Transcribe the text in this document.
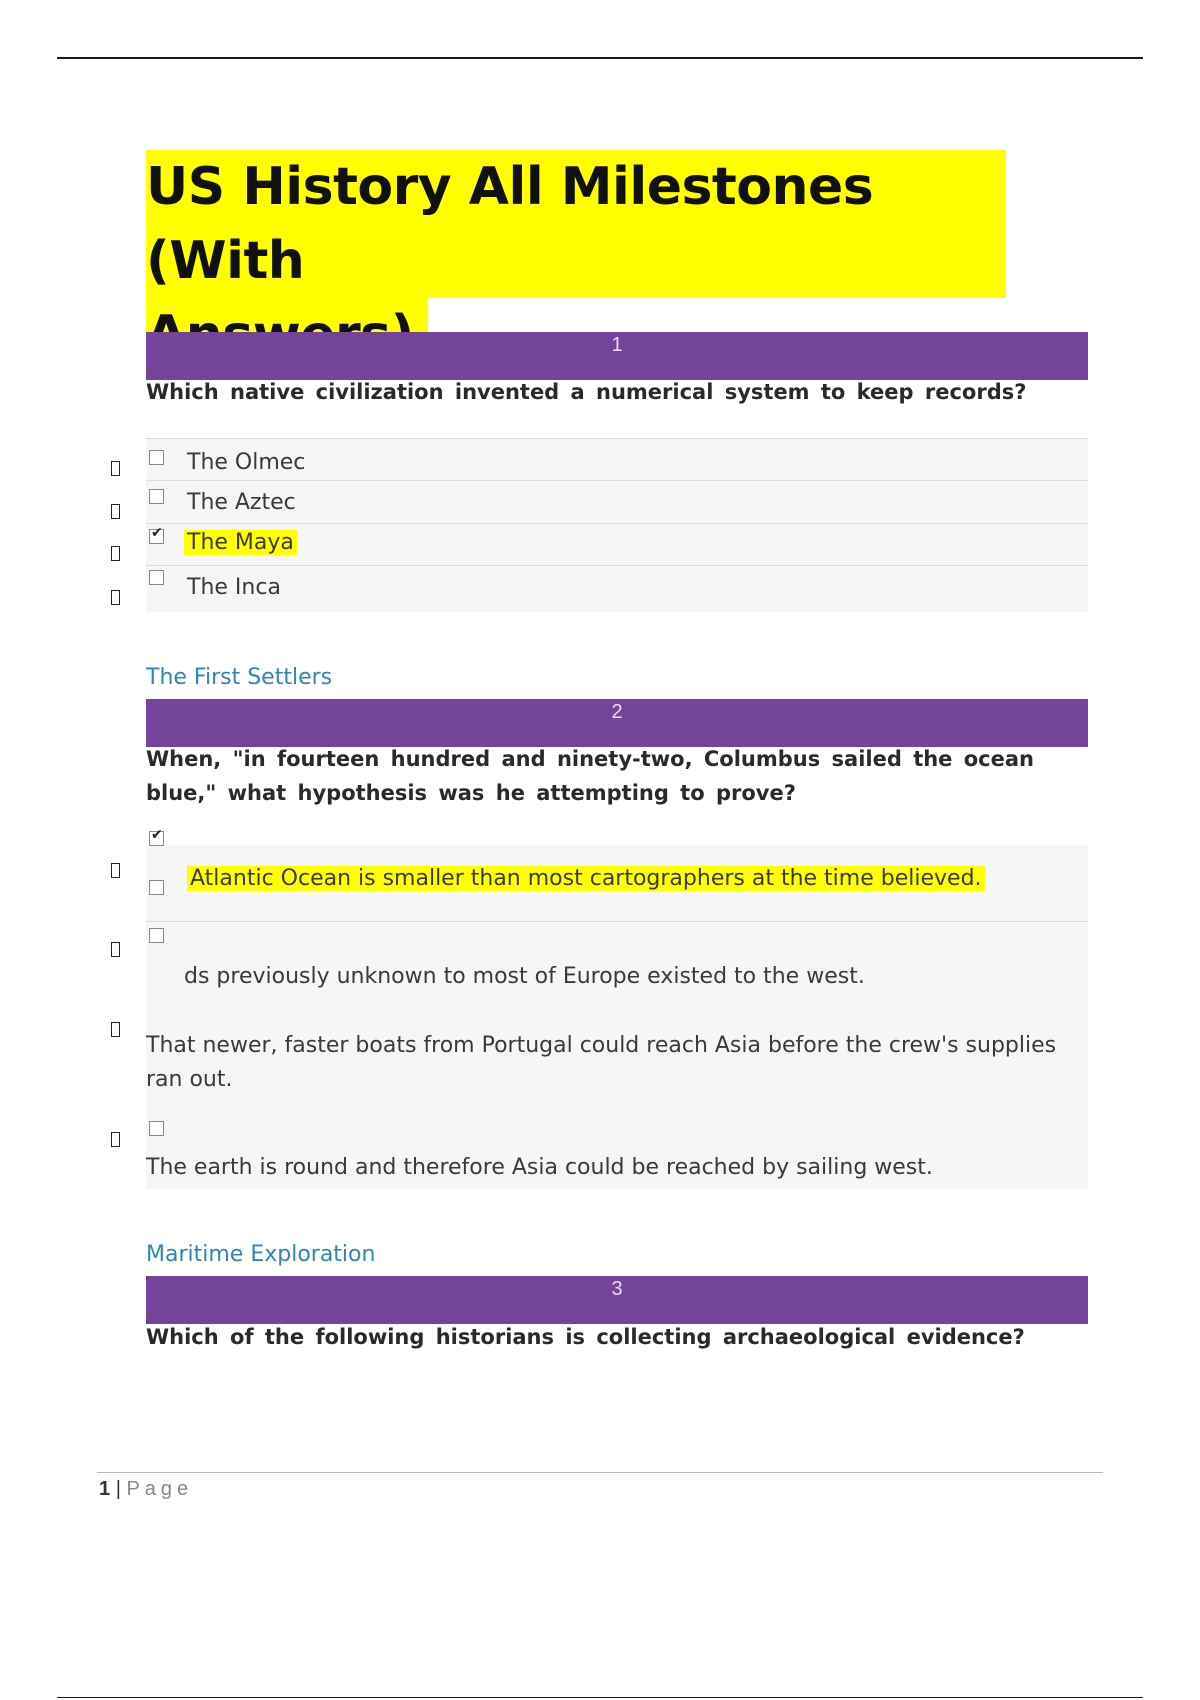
US History All Milestones (With

1
Which native civilization invented a numerical system to keep records?
The Olmec
The Aztec
✔
The Maya
The Inca
The First Settlers
2
When, "in fourteen hundred and ninety-two, Columbus sailed the ocean blue," what hypothesis was he attempting to prove?
✔
Atlantic Ocean is smaller than most cartographers at the time believed.
ds previously unknown to most of Europe existed to the west.
That newer, faster boats from Portugal could reach Asia before the crew's supplies ran out.
The earth is round and therefore Asia could be reached by sailing west.
Maritime Exploration
3
Which of the following historians is collecting archaeological evidence?
1 | Page
